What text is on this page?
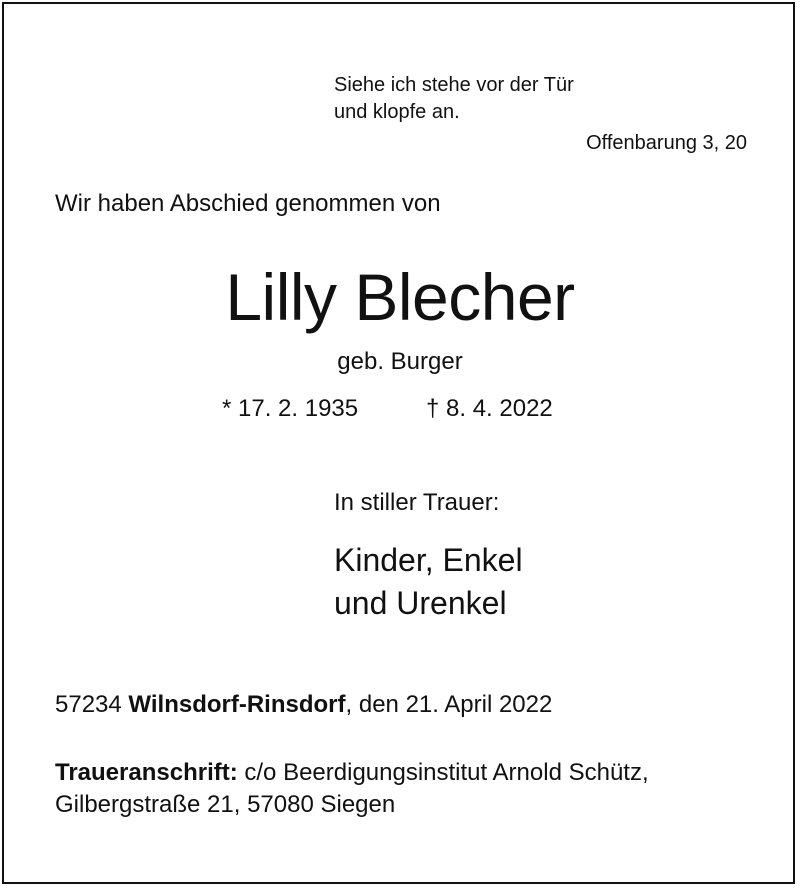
Siehe ich stehe vor der Tür
und klopfe an.
Offenbarung 3, 20
Wir haben Abschied genommen von
Lilly Blecher
geb. Burger
* 17. 2. 1935	† 8. 4. 2022
In stiller Trauer:
Kinder, Enkel
und Urenkel
57234 Wilnsdorf-Rinsdorf, den 21. April 2022
Traueranschrift: c/o Beerdigungsinstitut Arnold Schütz,
Gilbergstraße 21, 57080 Siegen
